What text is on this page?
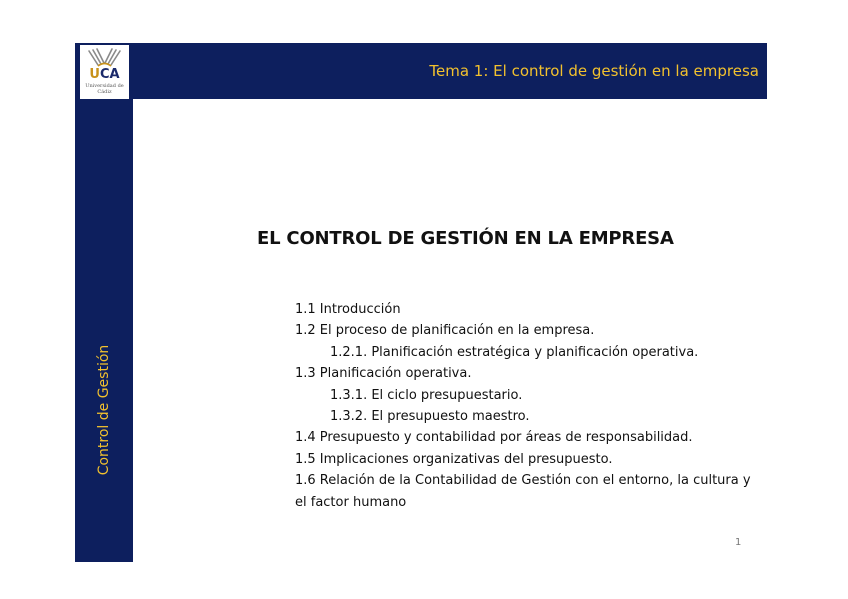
Tema 1: El control de gestión en la empresa
UCA
Universidad de Cádiz
Control de Gestión
EL CONTROL DE GESTIÓN EN LA EMPRESA
1.1 Introducción
1.2 El proceso de planificación en la empresa.
1.2.1. Planificación estratégica y planificación operativa.
1.3 Planificación operativa.
1.3.1. El ciclo presupuestario.
1.3.2. El presupuesto maestro.
1.4 Presupuesto y contabilidad por áreas de responsabilidad.
1.5 Implicaciones organizativas del presupuesto.
1.6 Relación de la Contabilidad de Gestión con el entorno, la cultura y el factor humano
1
